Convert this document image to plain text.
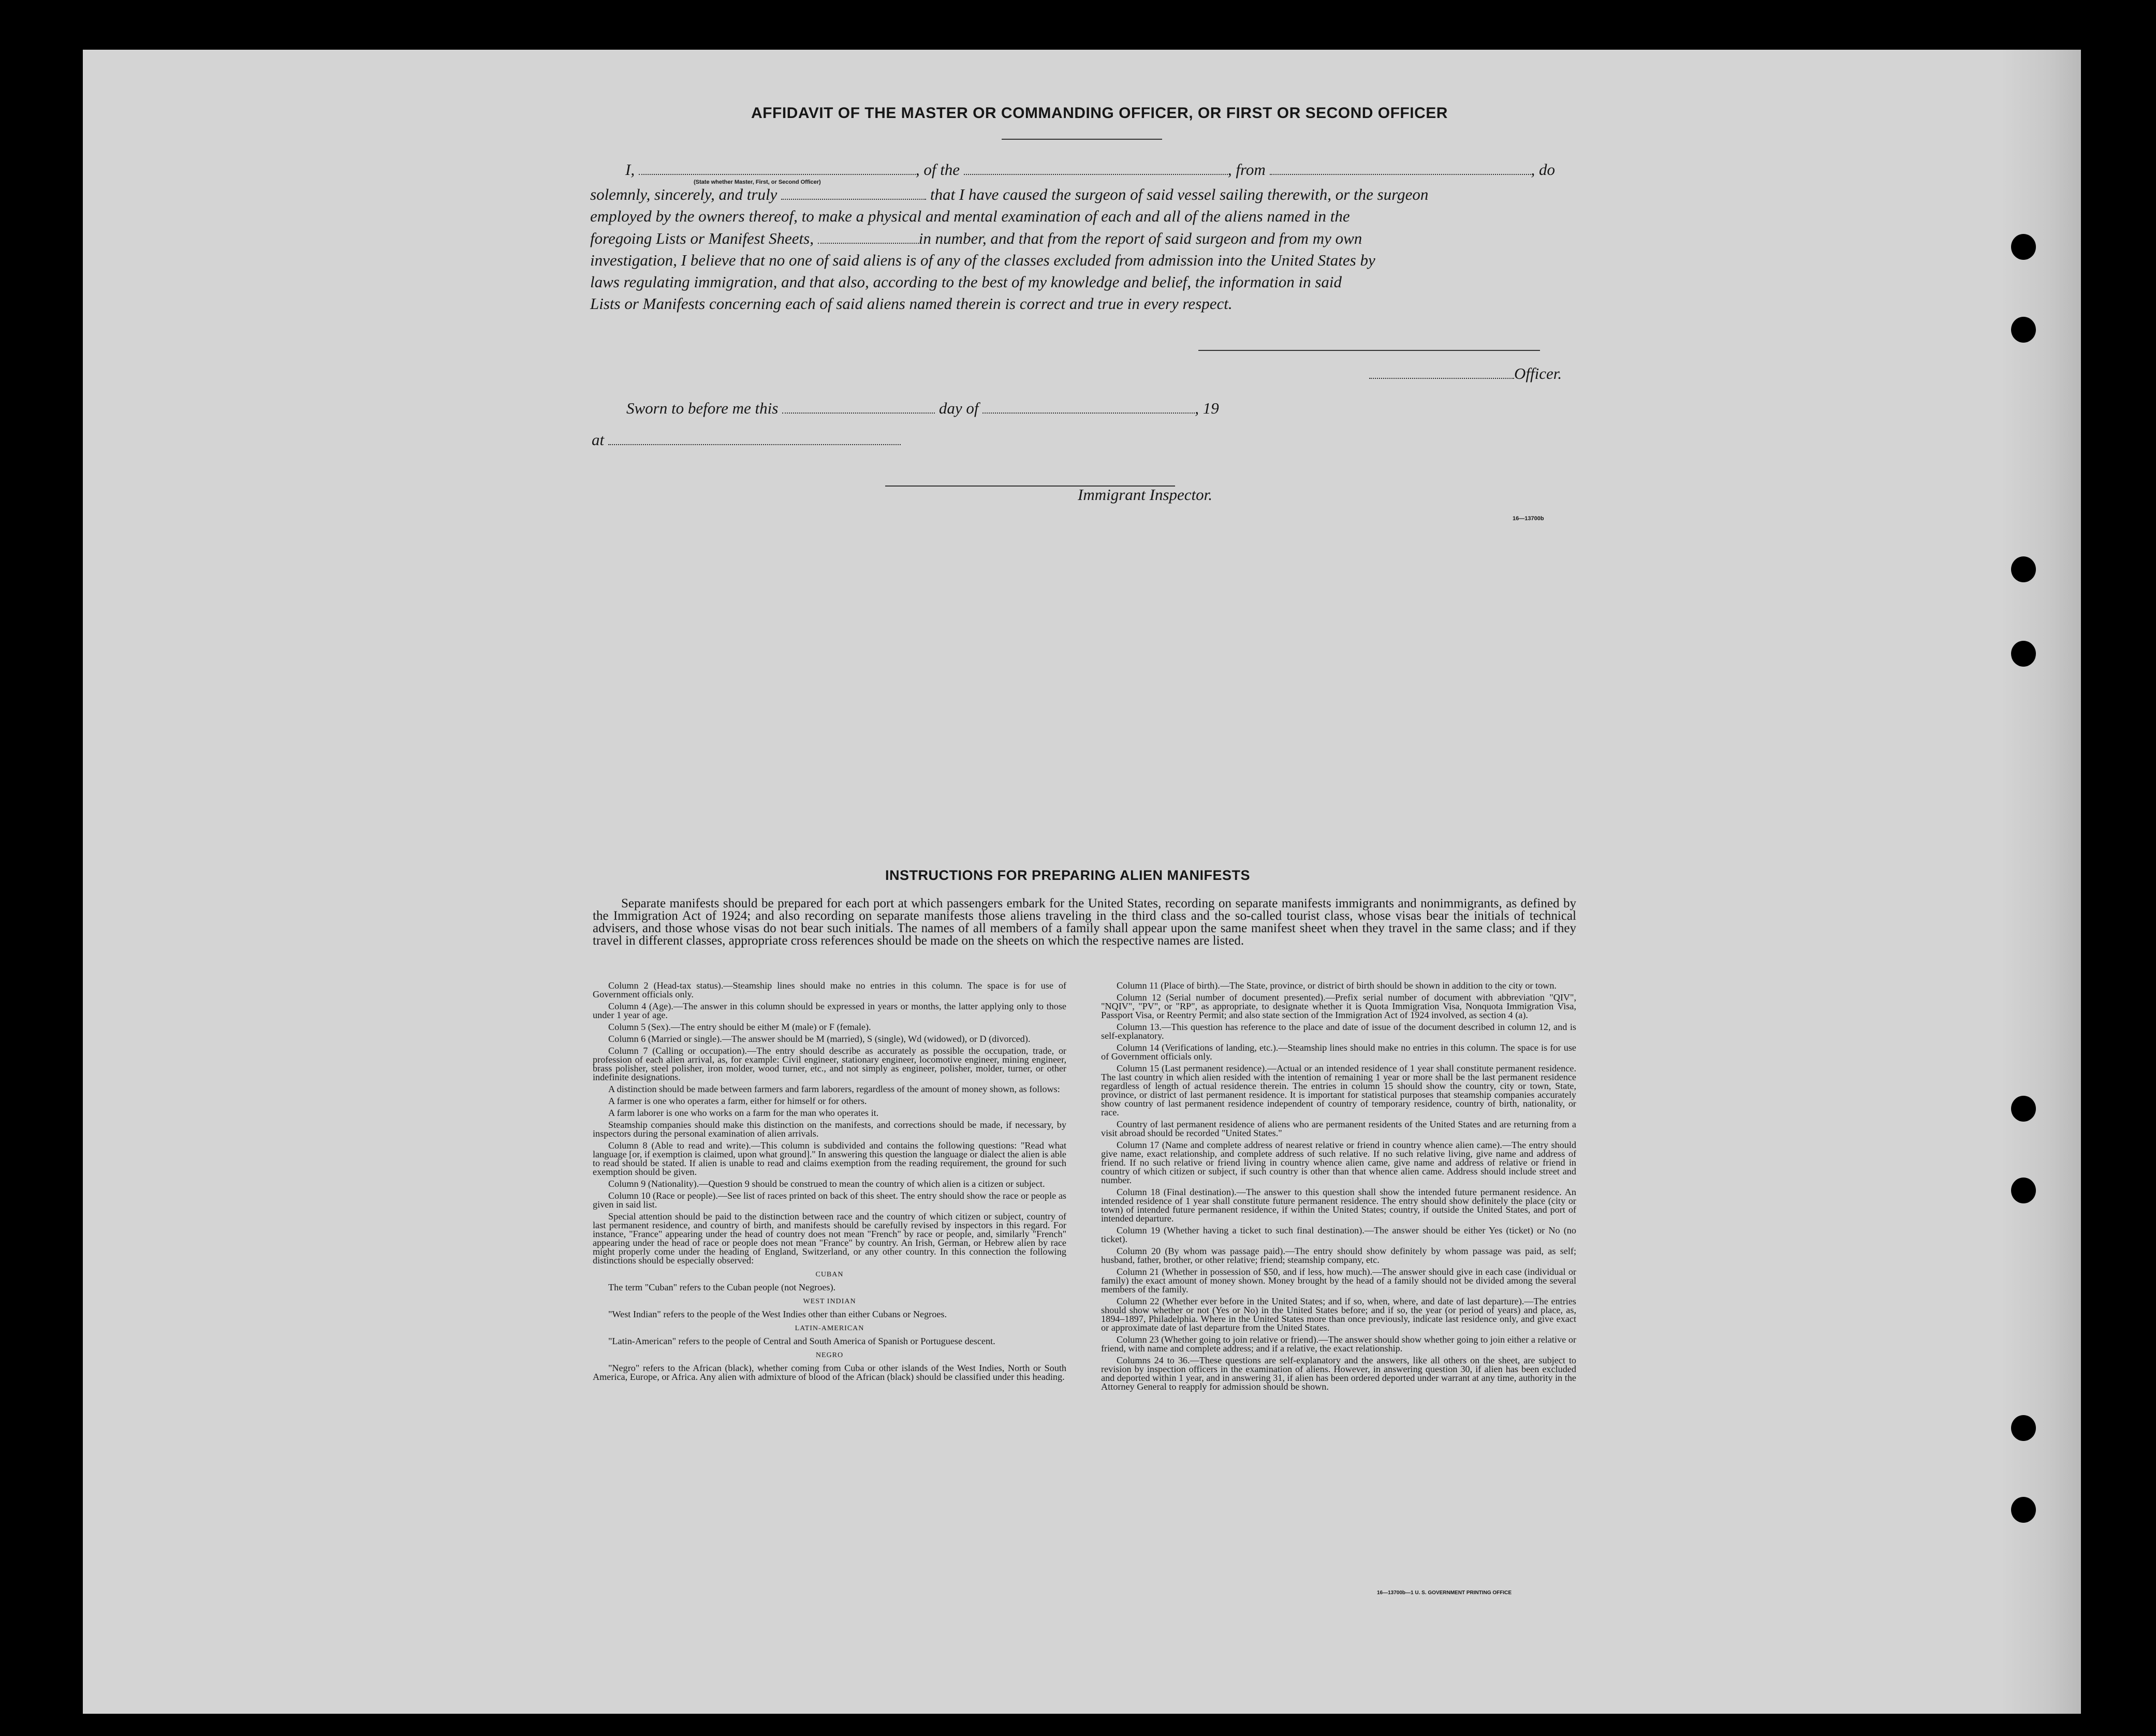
AFFIDAVIT OF THE MASTER OR COMMANDING OFFICER, OR FIRST OR SECOND OFFICER
I,	, of the	, from	, do
(State whether Master, First, or Second Officer)
solemnly, sincerely, and truly	that I have caused the surgeon of said vessel sailing therewith, or the surgeon
employed by the owners thereof, to make a physical and mental examination of each and all of the aliens named in the
foregoing Lists or Manifest Sheets,	in number, and that from the report of said surgeon and from my own
investigation, I believe that no one of said aliens is of any of the classes excluded from admission into the United States by
laws regulating immigration, and that also, according to the best of my knowledge and belief, the information in said
Lists or Manifests concerning each of said aliens named therein is correct and true in every respect.
Officer.
Sworn to before me this	day of	, 19
at
Immigrant Inspector.
16—13700b
INSTRUCTIONS FOR PREPARING ALIEN MANIFESTS
Separate manifests should be prepared for each port at which passengers embark for the United States, recording on separate manifests immigrants and nonimmigrants, as defined by the Immigration Act of 1924; and also recording on separate manifests those aliens traveling in the third class and the so-called tourist class, whose visas bear the initials of technical advisers, and those whose visas do not bear such initials. The names of all members of a family shall appear upon the same manifest sheet when they travel in the same class; and if they travel in different classes, appropriate cross references should be made on the sheets on which the respective names are listed.

Column 2 (Head-tax status).—Steamship lines should make no entries in this column. The space is for use of Government officials only.

Column 4 (Age).—The answer in this column should be expressed in years or months, the latter applying only to those under 1 year of age.

Column 5 (Sex).—The entry should be either M (male) or F (female).

Column 6 (Married or single).—The answer should be M (married), S (single), Wd (widowed), or D (divorced).

Column 7 (Calling or occupation).—The entry should describe as accurately as possible the occupation, trade, or profession of each alien arrival, as, for example: Civil engineer, stationary engineer, locomotive engineer, mining engineer, brass polisher, steel polisher, iron molder, wood turner, etc., and not simply as engineer, polisher, molder, turner, or other indefinite designations.

A distinction should be made between farmers and farm laborers, regardless of the amount of money shown, as follows:

A farmer is one who operates a farm, either for himself or for others.

A farm laborer is one who works on a farm for the man who operates it.

Steamship companies should make this distinction on the manifests, and corrections should be made, if necessary, by inspectors during the personal examination of alien arrivals.

Column 8 (Able to read and write).—This column is subdivided and contains the following questions: "Read what language [or, if exemption is claimed, upon what ground]." In answering this question the language or dialect the alien is able to read should be stated. If alien is unable to read and claims exemption from the reading requirement, the ground for such exemption should be given.

Column 9 (Nationality).—Question 9 should be construed to mean the country of which alien is a citizen or subject.

Column 10 (Race or people).—See list of races printed on back of this sheet. The entry should show the race or people as given in said list.

Special attention should be paid to the distinction between race and the country of which citizen or subject, country of last permanent residence, and country of birth, and manifests should be carefully revised by inspectors in this regard. For instance, "France" appearing under the head of country does not mean "French" by race or people, and, similarly "French" appearing under the head of race or people does not mean "France" by country. An Irish, German, or Hebrew alien by race might properly come under the heading of England, Switzerland, or any other country. In this connection the following distinctions should be especially observed:

CUBAN

The term "Cuban" refers to the Cuban people (not Negroes).

WEST INDIAN

"West Indian" refers to the people of the West Indies other than either Cubans or Negroes.

LATIN-AMERICAN

"Latin-American" refers to the people of Central and South America of Spanish or Portuguese descent.

NEGRO

"Negro" refers to the African (black), whether coming from Cuba or other islands of the West Indies, North or South America, Europe, or Africa. Any alien with admixture of blood of the African (black) should be classified under this heading.

Column 11 (Place of birth).—The State, province, or district of birth should be shown in addition to the city or town.

Column 12 (Serial number of document presented).—Prefix serial number of document with abbreviation "QIV", "NQIV", "PV", or "RP", as appropriate, to designate whether it is Quota Immigration Visa, Nonquota Immigration Visa, Passport Visa, or Reentry Permit; and also state section of the Immigration Act of 1924 involved, as section 4 (a).

Column 13.—This question has reference to the place and date of issue of the document described in column 12, and is self-explanatory.

Column 14 (Verifications of landing, etc.).—Steamship lines should make no entries in this column. The space is for use of Government officials only.

Column 15 (Last permanent residence).—Actual or an intended residence of 1 year shall constitute permanent residence. The last country in which alien resided with the intention of remaining 1 year or more shall be the last permanent residence regardless of length of actual residence therein. The entries in column 15 should show the country, city or town, State, province, or district of last permanent residence. It is important for statistical purposes that steamship companies accurately show country of last permanent residence independent of country of temporary residence, country of birth, nationality, or race.

Country of last permanent residence of aliens who are permanent residents of the United States and are returning from a visit abroad should be recorded "United States."

Column 17 (Name and complete address of nearest relative or friend in country whence alien came).—The entry should give name, exact relationship, and complete address of such relative. If no such relative living, give name and address of friend. If no such relative or friend living in country whence alien came, give name and address of relative or friend in country of which citizen or subject, if such country is other than that whence alien came. Address should include street and number.

Column 18 (Final destination).—The answer to this question shall show the intended future permanent residence. An intended residence of 1 year shall constitute future permanent residence. The entry should show definitely the place (city or town) of intended future permanent residence, if within the United States; country, if outside the United States, and port of intended departure.

Column 19 (Whether having a ticket to such final destination).—The answer should be either Yes (ticket) or No (no ticket).

Column 20 (By whom was passage paid).—The entry should show definitely by whom passage was paid, as self; husband, father, brother, or other relative; friend; steamship company, etc.

Column 21 (Whether in possession of $50, and if less, how much).—The answer should give in each case (individual or family) the exact amount of money shown. Money brought by the head of a family should not be divided among the several members of the family.

Column 22 (Whether ever before in the United States; and if so, when, where, and date of last departure).—The entries should show whether or not (Yes or No) in the United States before; and if so, the year (or period of years) and place, as, 1894–1897, Philadelphia. Where in the United States more than once previously, indicate last residence only, and give exact or approximate date of last departure from the United States.

Column 23 (Whether going to join relative or friend).—The answer should show whether going to join either a relative or friend, with name and complete address; and if a relative, the exact relationship.

Columns 24 to 36.—These questions are self-explanatory and the answers, like all others on the sheet, are subject to revision by inspection officers in the examination of aliens. However, in answering question 30, if alien has been excluded and deported within 1 year, and in answering 31, if alien has been ordered deported under warrant at any time, authority in the Attorney General to reapply for admission should be shown.

16—13700b—1 U. S. GOVERNMENT PRINTING OFFICE
